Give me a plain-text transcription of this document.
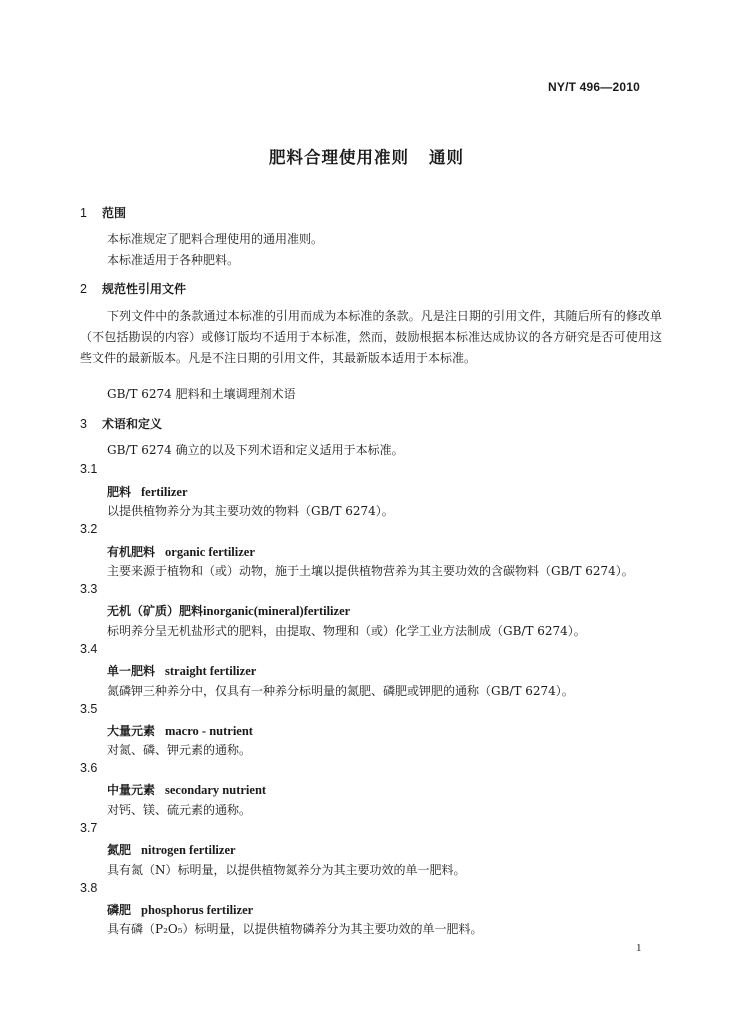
NY/T 496—2010
肥料合理使用准则 通则
1 范围
本标准规定了肥料合理使用的通用准则。
本标准适用于各种肥料。
2 规范性引用文件
下列文件中的条款通过本标准的引用而成为本标准的条款。凡是注日期的引用文件，其随后所有的修改单（不包括勘误的内容）或修订版均不适用于本标准，然而，鼓励根据本标准达成协议的各方研究是否可使用这些文件的最新版本。凡是不注日期的引用文件，其最新版本适用于本标准。
GB/T 6274 肥料和土壤调理剂术语
3 术语和定义
GB/T 6274 确立的以及下列术语和定义适用于本标准。
3.1
肥料 fertilizer
以提供植物养分为其主要功效的物料（GB/T 6274）。
3.2
有机肥料 organic fertilizer
主要来源于植物和（或）动物，施于土壤以提供植物营养为其主要功效的含碳物料（GB/T 6274）。
3.3
无机（矿质）肥料inorganic(mineral)fertilizer
标明养分呈无机盐形式的肥料，由提取、物理和（或）化学工业方法制成（GB/T 6274）。
3.4
单一肥料 straight fertilizer
氮磷钾三种养分中，仅具有一种养分标明量的氮肥、磷肥或钾肥的通称（GB/T 6274）。
3.5
大量元素 macro - nutrient
对氮、磷、钾元素的通称。
3.6
中量元素 secondary nutrient
对钙、镁、硫元素的通称。
3.7
氮肥 nitrogen fertilizer
具有氮（N）标明量，以提供植物氮养分为其主要功效的单一肥料。
3.8
磷肥 phosphorus fertilizer
具有磷（P₂O₅）标明量，以提供植物磷养分为其主要功效的单一肥料。
1
